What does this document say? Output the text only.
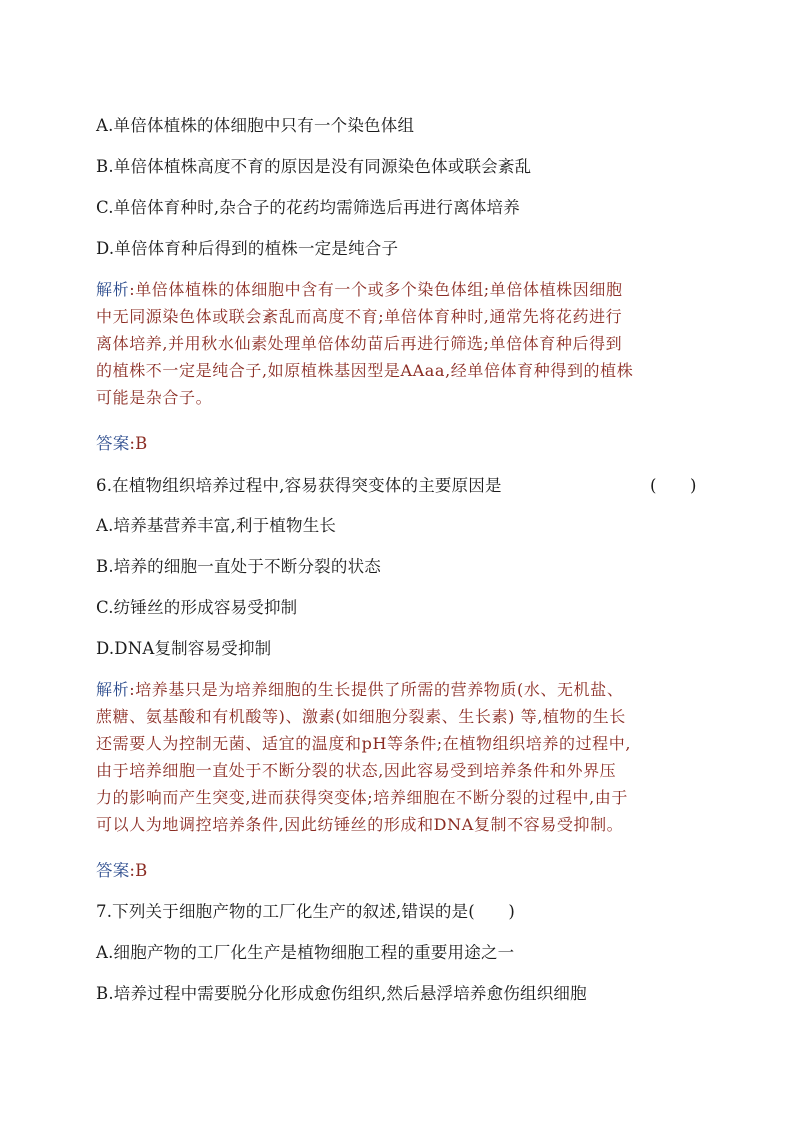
A.单倍体植株的体细胞中只有一个染色体组

B.单倍体植株高度不育的原因是没有同源染色体或联会紊乱

C.单倍体育种时,杂合子的花药均需筛选后再进行离体培养

D.单倍体育种后得到的植株一定是纯合子

解析:单倍体植株的体细胞中含有一个或多个染色体组;单倍体植株因细胞

中无同源染色体或联会紊乱而高度不育;单倍体育种时,通常先将花药进行

离体培养,并用秋水仙素处理单倍体幼苗后再进行筛选;单倍体育种后得到

的植株不一定是纯合子,如原植株基因型是AAaa,经单倍体育种得到的植株

可能是杂合子。

答案:B

6.在植物组织培养过程中,容易获得突变体的主要原因是	(　　)

A.培养基营养丰富,利于植物生长

B.培养的细胞一直处于不断分裂的状态

C.纺锤丝的形成容易受抑制

D.DNA复制容易受抑制

解析:培养基只是为培养细胞的生长提供了所需的营养物质(水、无机盐、

蔗糖、氨基酸和有机酸等)、激素(如细胞分裂素、生长素) 等,植物的生长

还需要人为控制无菌、适宜的温度和pH等条件;在植物组织培养的过程中,

由于培养细胞一直处于不断分裂的状态,因此容易受到培养条件和外界压

力的影响而产生突变,进而获得突变体;培养细胞在不断分裂的过程中,由于

可以人为地调控培养条件,因此纺锤丝的形成和DNA复制不容易受抑制。

答案:B

7.下列关于细胞产物的工厂化生产的叙述,错误的是(　　)

A.细胞产物的工厂化生产是植物细胞工程的重要用途之一

B.培养过程中需要脱分化形成愈伤组织,然后悬浮培养愈伤组织细胞
